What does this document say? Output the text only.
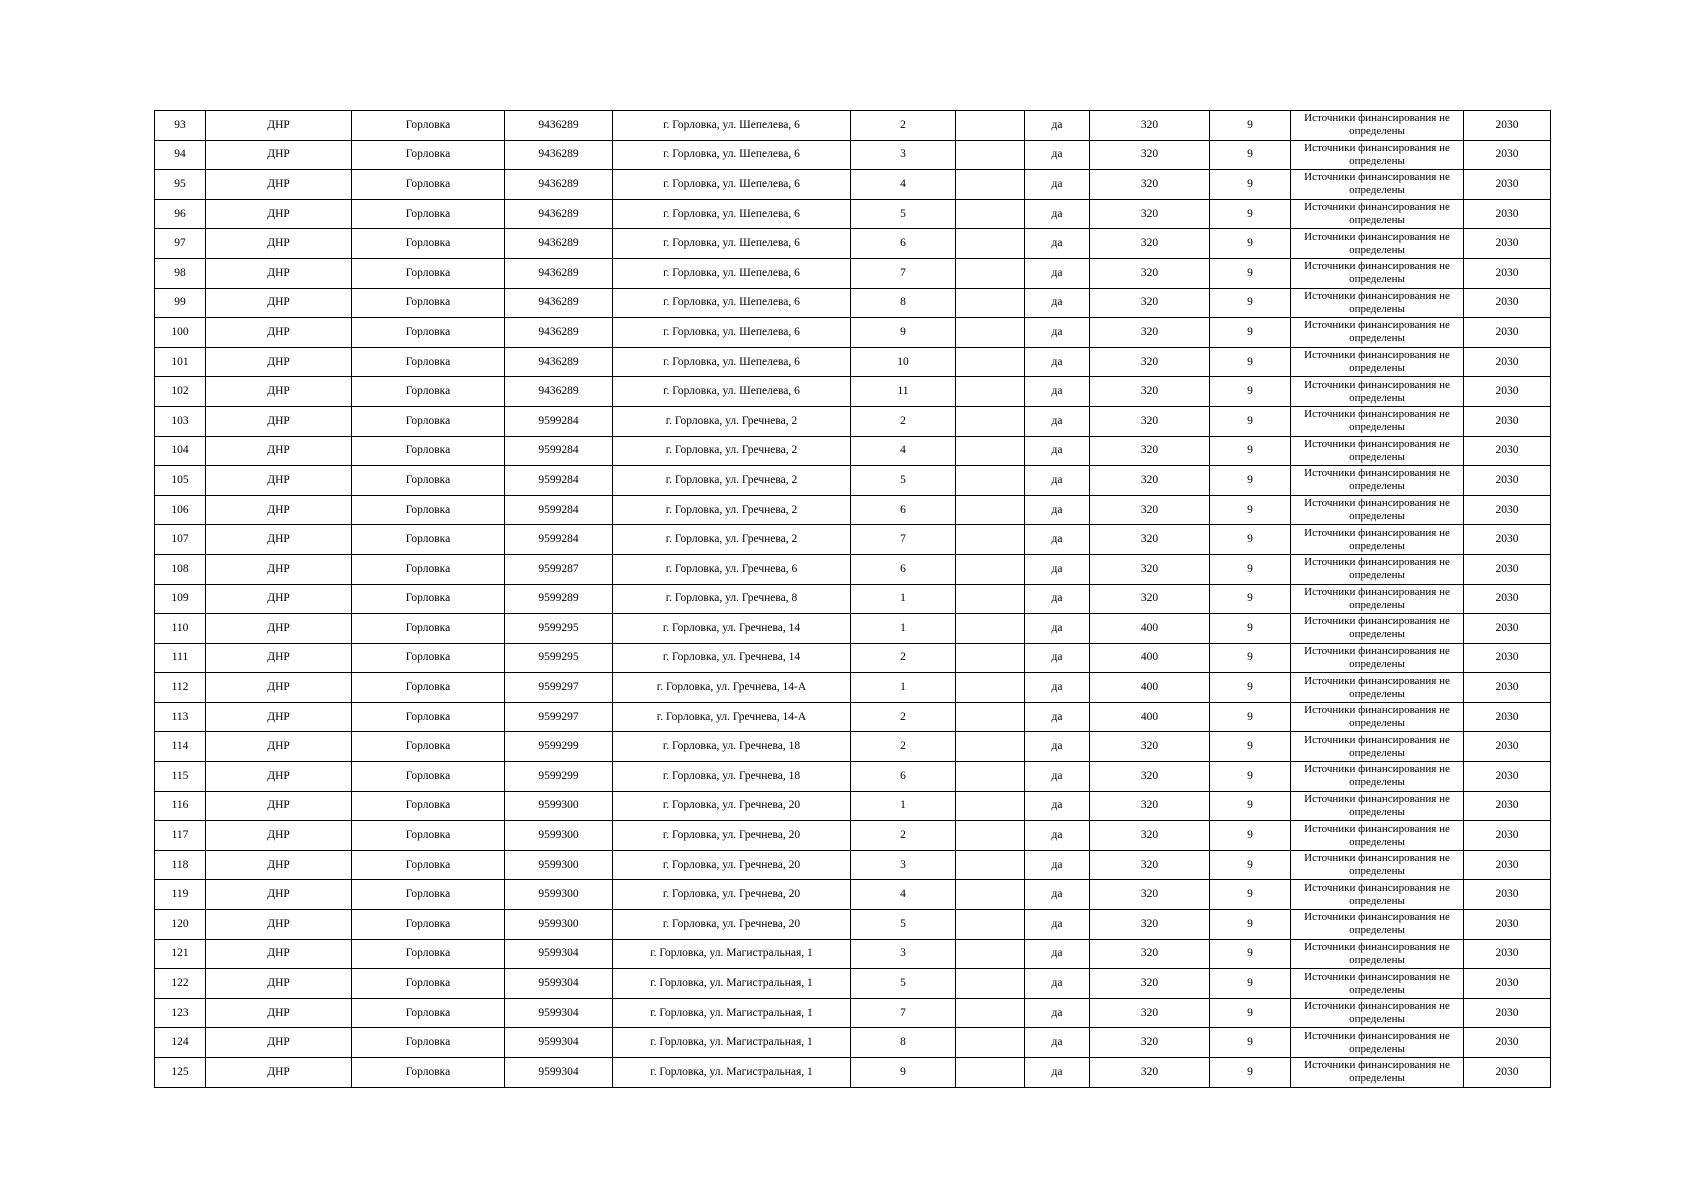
93	ДНР	Горловка	9436289	г. Горловка, ул. Шепелева, 6	2		да	320	9	Источники финансирования не определены	2030
94	ДНР	Горловка	9436289	г. Горловка, ул. Шепелева, 6	3		да	320	9	Источники финансирования не определены	2030
95	ДНР	Горловка	9436289	г. Горловка, ул. Шепелева, 6	4		да	320	9	Источники финансирования не определены	2030
96	ДНР	Горловка	9436289	г. Горловка, ул. Шепелева, 6	5		да	320	9	Источники финансирования не определены	2030
97	ДНР	Горловка	9436289	г. Горловка, ул. Шепелева, 6	6		да	320	9	Источники финансирования не определены	2030
98	ДНР	Горловка	9436289	г. Горловка, ул. Шепелева, 6	7		да	320	9	Источники финансирования не определены	2030
99	ДНР	Горловка	9436289	г. Горловка, ул. Шепелева, 6	8		да	320	9	Источники финансирования не определены	2030
100	ДНР	Горловка	9436289	г. Горловка, ул. Шепелева, 6	9		да	320	9	Источники финансирования не определены	2030
101	ДНР	Горловка	9436289	г. Горловка, ул. Шепелева, 6	10		да	320	9	Источники финансирования не определены	2030
102	ДНР	Горловка	9436289	г. Горловка, ул. Шепелева, 6	11		да	320	9	Источники финансирования не определены	2030
103	ДНР	Горловка	9599284	г. Горловка, ул. Гречнева, 2	2		да	320	9	Источники финансирования не определены	2030
104	ДНР	Горловка	9599284	г. Горловка, ул. Гречнева, 2	4		да	320	9	Источники финансирования не определены	2030
105	ДНР	Горловка	9599284	г. Горловка, ул. Гречнева, 2	5		да	320	9	Источники финансирования не определены	2030
106	ДНР	Горловка	9599284	г. Горловка, ул. Гречнева, 2	6		да	320	9	Источники финансирования не определены	2030
107	ДНР	Горловка	9599284	г. Горловка, ул. Гречнева, 2	7		да	320	9	Источники финансирования не определены	2030
108	ДНР	Горловка	9599287	г. Горловка, ул. Гречнева, 6	6		да	320	9	Источники финансирования не определены	2030
109	ДНР	Горловка	9599289	г. Горловка, ул. Гречнева, 8	1		да	320	9	Источники финансирования не определены	2030
110	ДНР	Горловка	9599295	г. Горловка, ул. Гречнева, 14	1		да	400	9	Источники финансирования не определены	2030
111	ДНР	Горловка	9599295	г. Горловка, ул. Гречнева, 14	2		да	400	9	Источники финансирования не определены	2030
112	ДНР	Горловка	9599297	г. Горловка, ул. Гречнева, 14-А	1		да	400	9	Источники финансирования не определены	2030
113	ДНР	Горловка	9599297	г. Горловка, ул. Гречнева, 14-А	2		да	400	9	Источники финансирования не определены	2030
114	ДНР	Горловка	9599299	г. Горловка, ул. Гречнева, 18	2		да	320	9	Источники финансирования не определены	2030
115	ДНР	Горловка	9599299	г. Горловка, ул. Гречнева, 18	6		да	320	9	Источники финансирования не определены	2030
116	ДНР	Горловка	9599300	г. Горловка, ул. Гречнева, 20	1		да	320	9	Источники финансирования не определены	2030
117	ДНР	Горловка	9599300	г. Горловка, ул. Гречнева, 20	2		да	320	9	Источники финансирования не определены	2030
118	ДНР	Горловка	9599300	г. Горловка, ул. Гречнева, 20	3		да	320	9	Источники финансирования не определены	2030
119	ДНР	Горловка	9599300	г. Горловка, ул. Гречнева, 20	4		да	320	9	Источники финансирования не определены	2030
120	ДНР	Горловка	9599300	г. Горловка, ул. Гречнева, 20	5		да	320	9	Источники финансирования не определены	2030
121	ДНР	Горловка	9599304	г. Горловка, ул. Магистральная, 1	3		да	320	9	Источники финансирования не определены	2030
122	ДНР	Горловка	9599304	г. Горловка, ул. Магистральная, 1	5		да	320	9	Источники финансирования не определены	2030
123	ДНР	Горловка	9599304	г. Горловка, ул. Магистральная, 1	7		да	320	9	Источники финансирования не определены	2030
124	ДНР	Горловка	9599304	г. Горловка, ул. Магистральная, 1	8		да	320	9	Источники финансирования не определены	2030
125	ДНР	Горловка	9599304	г. Горловка, ул. Магистральная, 1	9		да	320	9	Источники финансирования не определены	2030
